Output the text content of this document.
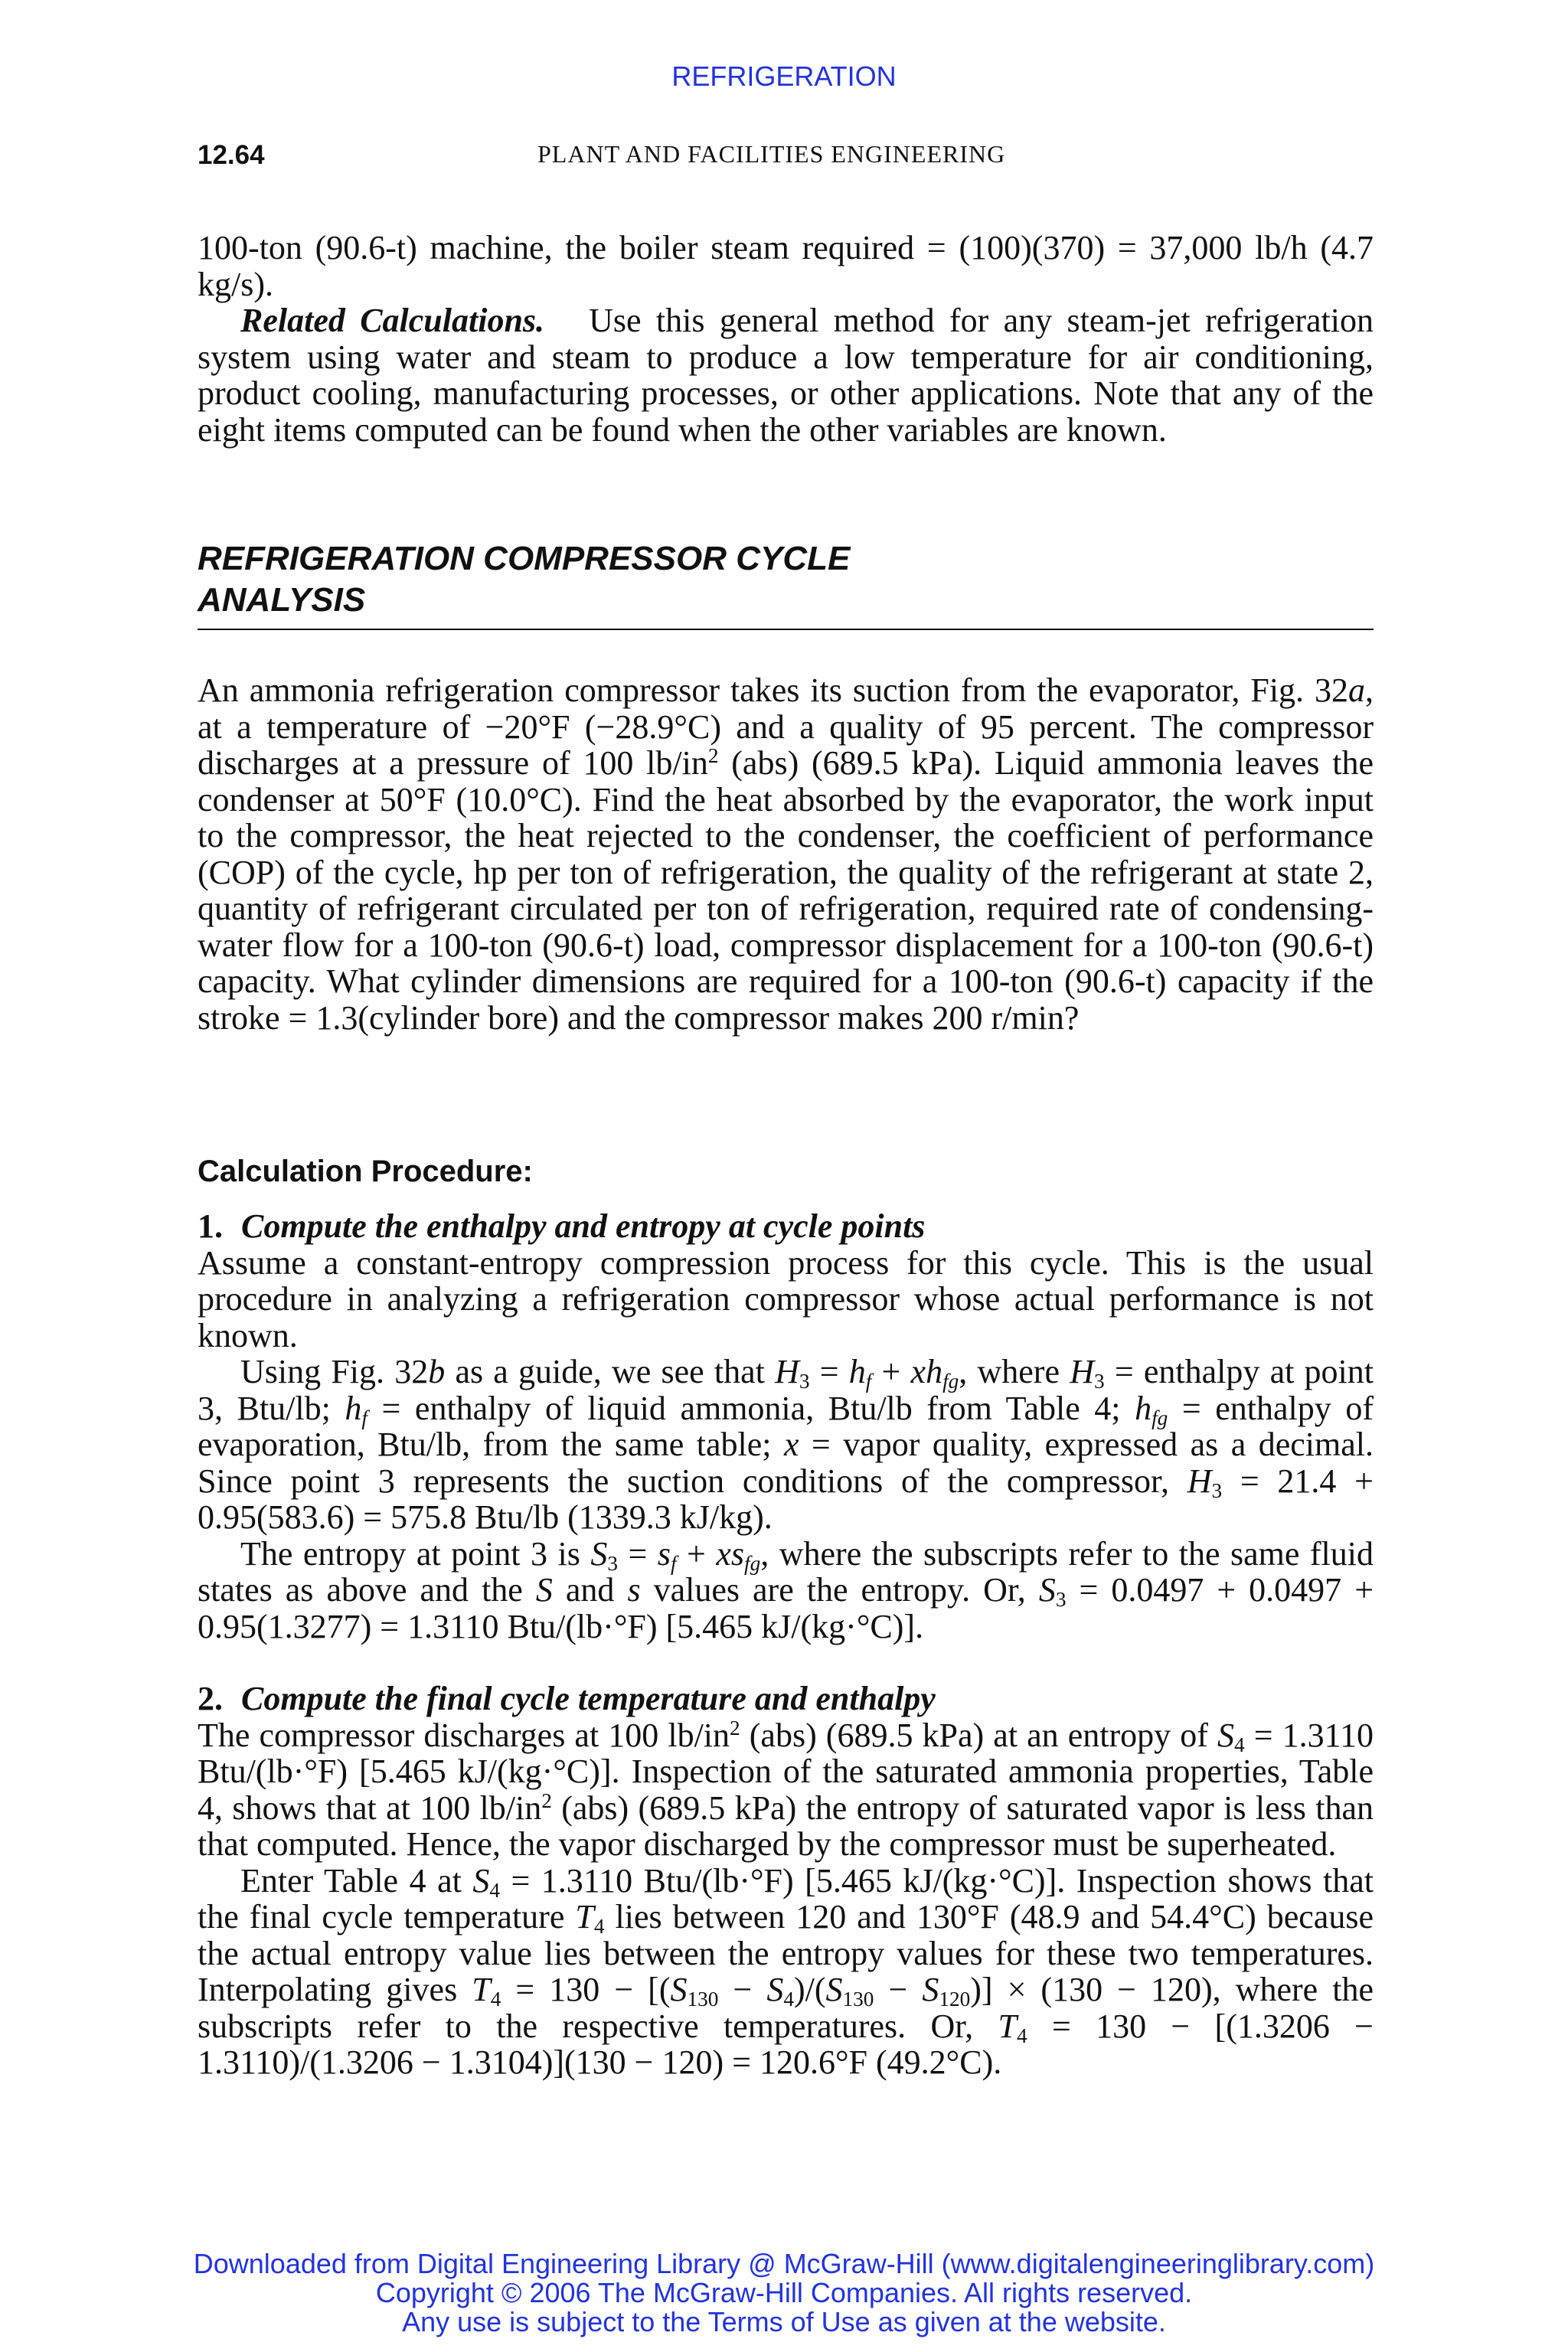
REFRIGERATION
12.64	PLANT AND FACILITIES ENGINEERING

100-ton (90.6-t) machine, the boiler steam required = (100)(370) = 37,000 lb/h (4.7 kg/s).

Related Calculations. Use this general method for any steam-jet refrigeration system using water and steam to produce a low temperature for air conditioning, product cooling, manufacturing processes, or other applications. Note that any of the eight items computed can be found when the other variables are known.

REFRIGERATION COMPRESSOR CYCLE
ANALYSIS

An ammonia refrigeration compressor takes its suction from the evaporator, Fig. 32a, at a temperature of −20°F (−28.9°C) and a quality of 95 percent. The compressor discharges at a pressure of 100 $lb/in^2$ (abs) (689.5 kPa). Liquid ammonia leaves the condenser at 50°F (10.0°C). Find the heat absorbed by the evaporator, the work input to the compressor, the heat rejected to the condenser, the coefficient of performance (COP) of the cycle, hp per ton of refrigeration, the quality of the refrigerant at state 2, quantity of refrigerant circulated per ton of refrigeration, required rate of condensing-water flow for a 100-ton (90.6-t) load, compressor displacement for a 100-ton (90.6-t) capacity. What cylinder dimensions are required for a 100-ton (90.6-t) capacity if the stroke = 1.3(cylinder bore) and the compressor makes 200 r/min?

Calculation Procedure:

1. Compute the enthalpy and entropy at cycle points

Assume a constant-entropy compression process for this cycle. This is the usual procedure in analyzing a refrigeration compressor whose actual performance is not known.

Using Fig. 32b as a guide, we see that $H_3 = h_f + xh_{fg}$, where $H_3$ = enthalpy at point 3, Btu/lb; $h_f$ = enthalpy of liquid ammonia, Btu/lb from Table 4; $h_{fg}$ = enthalpy of evaporation, Btu/lb, from the same table; x = vapor quality, expressed as a decimal. Since point 3 represents the suction conditions of the compressor, $H_3 = 21.4 + 0.95(583.6) = 575.8$ Btu/lb (1339.3 kJ/kg).

The entropy at point 3 is $S_3 = s_f + xs_{fg}$, where the subscripts refer to the same fluid states as above and the S and s values are the entropy. Or, $S_3 = 0.0497 + 0.0497 + 0.95(1.3277) = 1.3110$ Btu/(lb·°F) [5.465 kJ/(kg·°C)].

2. Compute the final cycle temperature and enthalpy

The compressor discharges at 100 $lb/in^2$ (abs) (689.5 kPa) at an entropy of $S_4 = 1.3110$ Btu/(lb·°F) [5.465 kJ/(kg·°C)]. Inspection of the saturated ammonia properties, Table 4, shows that at 100 $lb/in^2$ (abs) (689.5 kPa) the entropy of saturated vapor is less than that computed. Hence, the vapor discharged by the compressor must be superheated.

Enter Table 4 at $S_4 = 1.3110$ Btu/(lb·°F) [5.465 kJ/(kg·°C)]. Inspection shows that the final cycle temperature $T_4$ lies between 120 and 130°F (48.9 and 54.4°C) because the actual entropy value lies between the entropy values for these two temperatures. Interpolating gives $T_4 = 130 - [(S_{130} - S_4)/(S_{130} - S_{120})] \times (130 - 120)$, where the subscripts refer to the respective temperatures. Or, $T_4 = 130 - [(1.3206 - 1.3110)/(1.3206 - 1.3104)](130 - 120) = 120.6^\circ F$ (49.2°C).

Downloaded from Digital Engineering Library @ McGraw-Hill (www.digitalengineeringlibrary.com)
Copyright © 2006 The McGraw-Hill Companies. All rights reserved.
Any use is subject to the Terms of Use as given at the website.
